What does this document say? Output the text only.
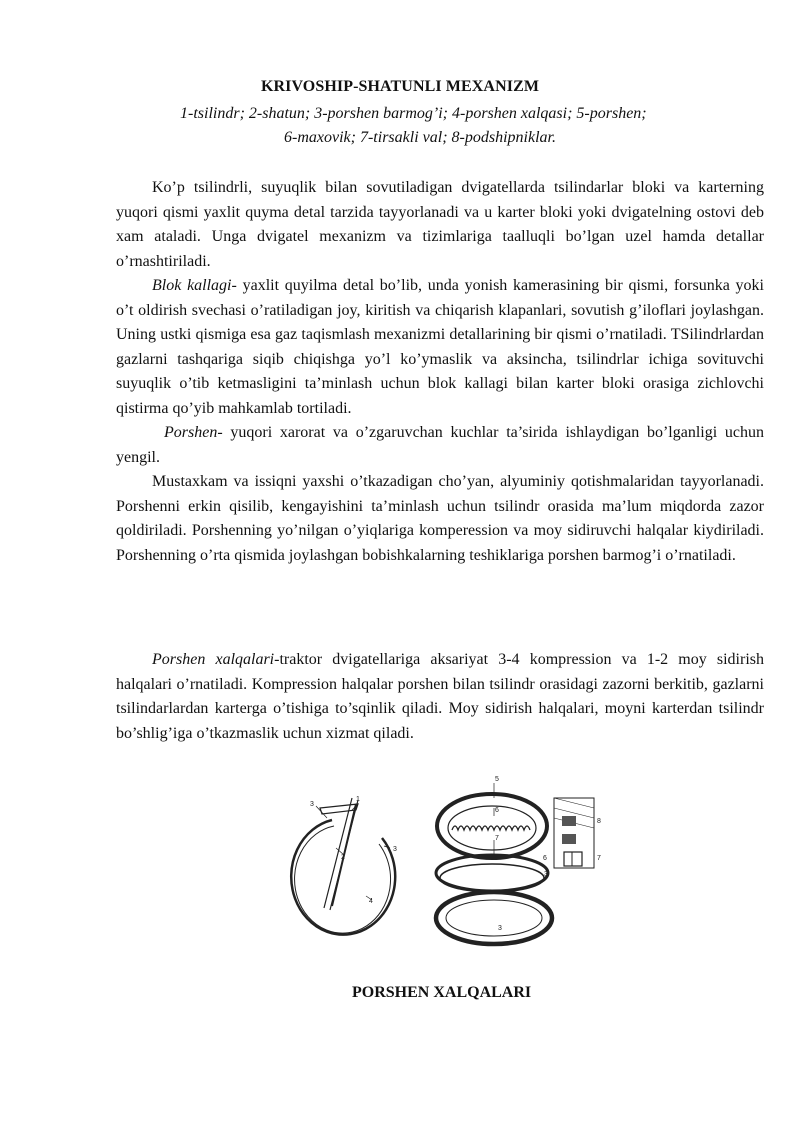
KRIVOSHIP-SHATUNLI MEXANIZM
1-tsilindr; 2-shatun; 3-porshen barmog’i; 4-porshen xalqasi; 5-porshen;
6-maxovik; 7-tirsakli val; 8-podshipniklar.

Ko’p tsilindrli, suyuqlik bilan sovutiladigan dvigatellarda tsilindarlar bloki va karterning yuqori qismi yaxlit quyma detal tarzida tayyorlanadi va u karter bloki yoki dvigatelning ostovi deb xam ataladi. Unga dvigatel mexanizm va tizimlariga taalluqli bo’lgan uzel hamda detallar o’rnashtiriladi.

Blok kallagi- yaxlit quyilma detal bo’lib, unda yonish kamerasining bir qismi, forsunka yoki o’t oldirish svechasi o’ratiladigan joy, kiritish va chiqarish klapanlari, sovutish g’iloflari joylashgan. Uning ustki qismiga esa gaz taqismlash mexanizmi detallarining bir qismi o’rnatiladi. TSilindrlardan gazlarni tashqariga siqib chiqishga yo’l ko’ymaslik va aksincha, tsilindrlar ichiga sovituvchi suyuqlik o’tib ketmasligini ta’minlash uchun blok kallagi bilan karter bloki orasiga zichlovchi qistirma qo’yib mahkamlab tortiladi.

Porshen- yuqori xarorat va o’zgaruvchan kuchlar ta’sirida ishlaydigan bo’lganligi uchun yengil.

Mustaxkam va issiqni yaxshi o’tkazadigan cho’yan, alyuminiy qotishmalaridan tayyorlanadi. Porshenni erkin qisilib, kengayishini ta’minlash uchun tsilindr orasida ma’lum miqdorda zazor qoldiriladi. Porshenning yo’nilgan o’yiqlariga komperession va moy sidiruvchi halqalar kiydiriladi. Porshenning o’rta qismida joylashgan bobishkalarning teshiklariga porshen barmog’i o’rnatiladi.

Porshen xalqalari-traktor dvigatellariga aksariyat 3-4 kompression va 1-2 moy sidirish halqalari o’rnatiladi. Kompression halqalar porshen bilan tsilindr orasidagi zazorni berkitib, gazlarni tsilindarlardan karterga o’tishiga to’sqinlik qiladi. Moy sidirish halqalari, moyni karterdan tsilindr bo’shlig’iga o’tkazmaslik uchun xizmat qiladi.

3
1
2
3
4
5
6
8
7
6	7
3
3
PORSHEN XALQALARI
